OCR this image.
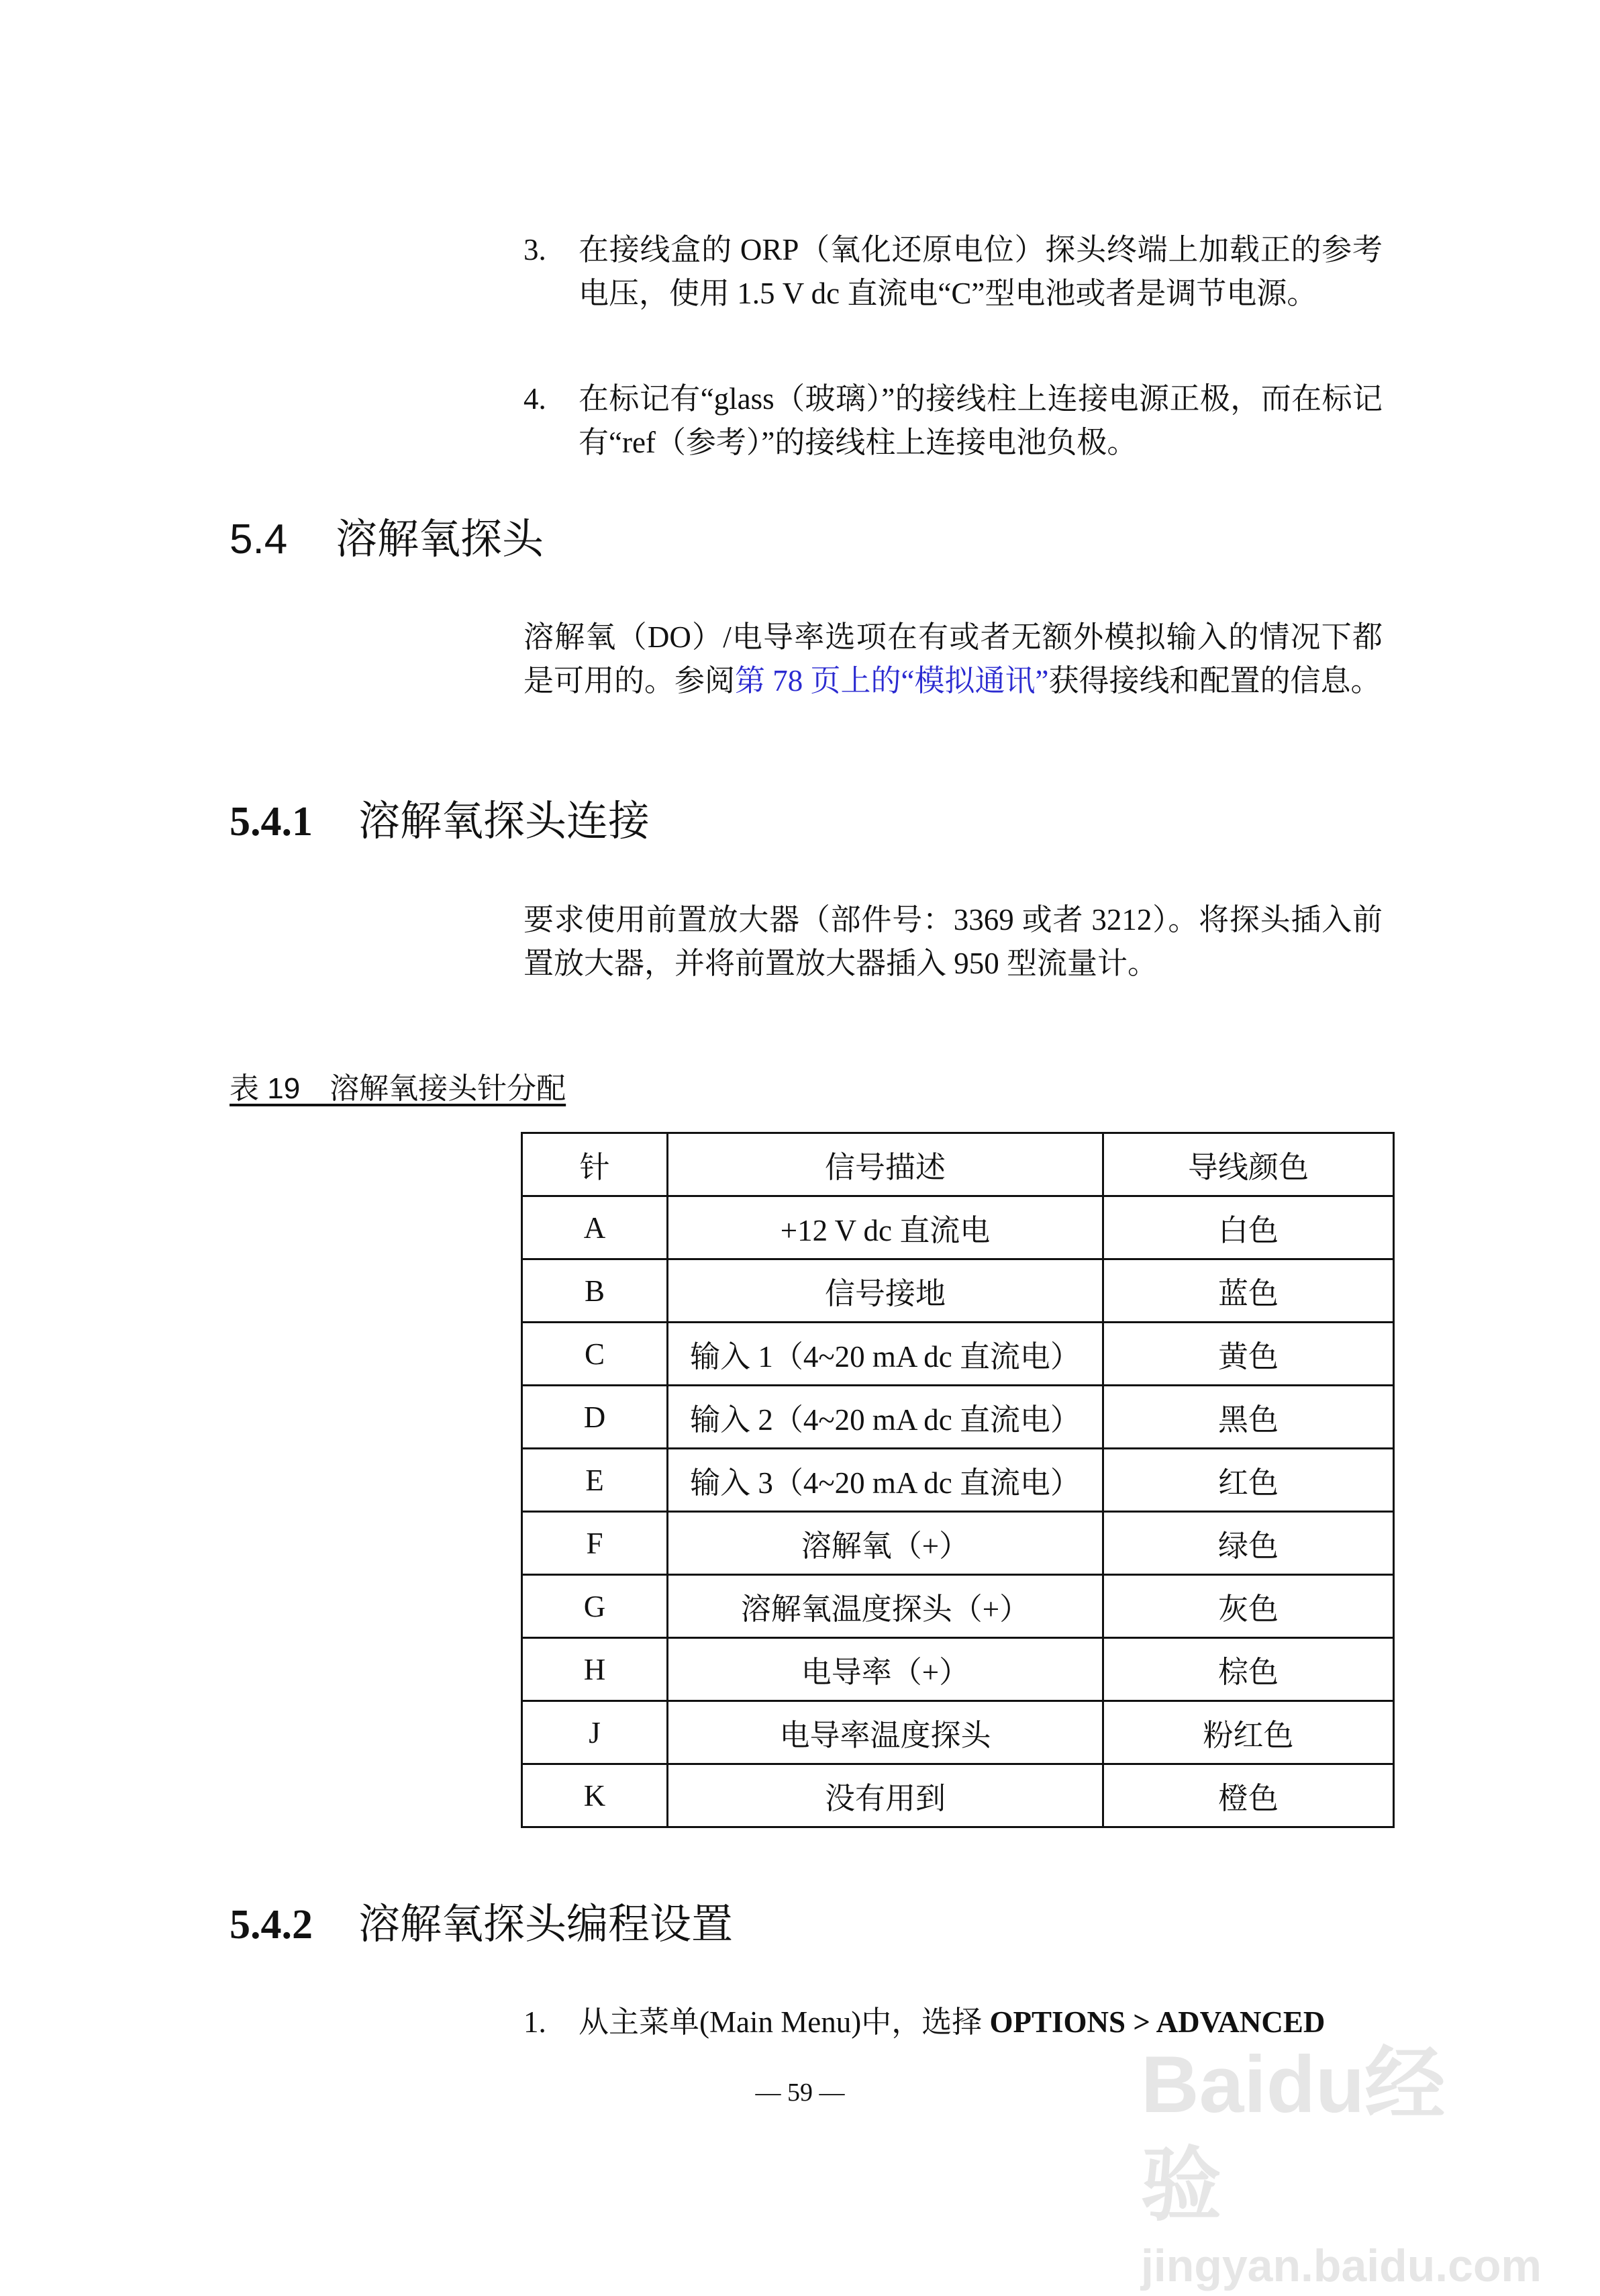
3. 在接线盒的 ORP（氧化还原电位）探头终端上加载正的参考电压，使用 1.5 V dc 直流电“C”型电池或者是调节电源。
4. 在标记有“glass（玻璃）”的接线柱上连接电源正极，而在标记有“ref（参考）”的接线柱上连接电池负极。
5.4 溶解氧探头
溶解氧（DO）/电导率选项在有或者无额外模拟输入的情况下都是可用的。参阅第 78 页上的“模拟通讯”获得接线和配置的信息。
5.4.1 溶解氧探头连接
要求使用前置放大器（部件号：3369 或者 3212）。将探头插入前置放大器，并将前置放大器插入 950 型流量计。
表 19　溶解氧接头针分配
针	信号描述	导线颜色
A	+12 V dc 直流电	白色
B	信号接地	蓝色
C	输入 1（4~20 mA dc 直流电）	黄色
D	输入 2（4~20 mA dc 直流电）	黑色
E	输入 3（4~20 mA dc 直流电）	红色
F	溶解氧（+）	绿色
G	溶解氧温度探头（+）	灰色
H	电导率（+）	棕色
J	电导率温度探头	粉红色
K	没有用到	橙色
5.4.2 溶解氧探头编程设置
1. 从主菜单(Main Menu)中，选择 OPTIONS > ADVANCED
— 59 —	Baidu经验
jingyan.baidu.com
